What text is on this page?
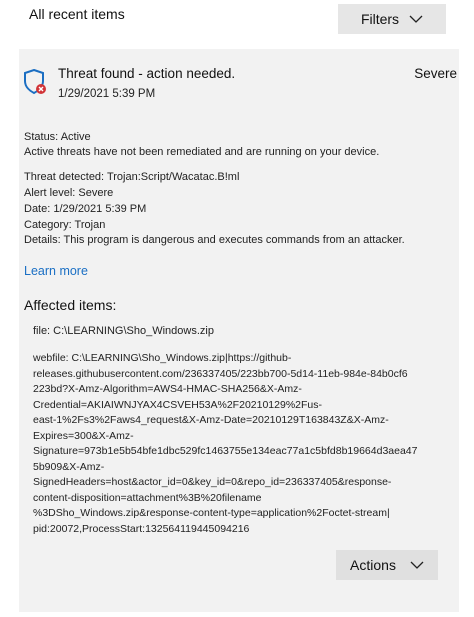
All recent items	Filters
Threat found - action needed.
1/29/2021 5:39 PM
Severe
Status: Active
Active threats have not been remediated and are running on your device.
Threat detected: Trojan:Script/Wacatac.B!ml
Alert level: Severe
Date: 1/29/2021 5:39 PM
Category: Trojan
Details: This program is dangerous and executes commands from an attacker.
Learn more
Affected items:
file: C:\LEARNING\Sho_Windows.zip
webfile: C:\LEARNING\Sho_Windows.zip|https://github-
releases.githubusercontent.com/236337405/223bb700-5d14-11eb-984e-84b0cf6
223bd?X-Amz-Algorithm=AWS4-HMAC-SHA256&X-Amz-
Credential=AKIAIWNJYAX4CSVEH53A%2F20210129%2Fus-
east-1%2Fs3%2Faws4_request&X-Amz-Date=20210129T163843Z&X-Amz-
Expires=300&X-Amz-
Signature=973b1e5b54bfe1dbc529fc1463755e134eac77a1c5bfd8b19664d3aea47
5b909&X-Amz-
SignedHeaders=host&actor_id=0&key_id=0&repo_id=236337405&response-
content-disposition=attachment%3B%20filename
%3DSho_Windows.zip&response-content-type=application%2Foctet-stream|
pid:20072,ProcessStart:132564119445094216
Actions
